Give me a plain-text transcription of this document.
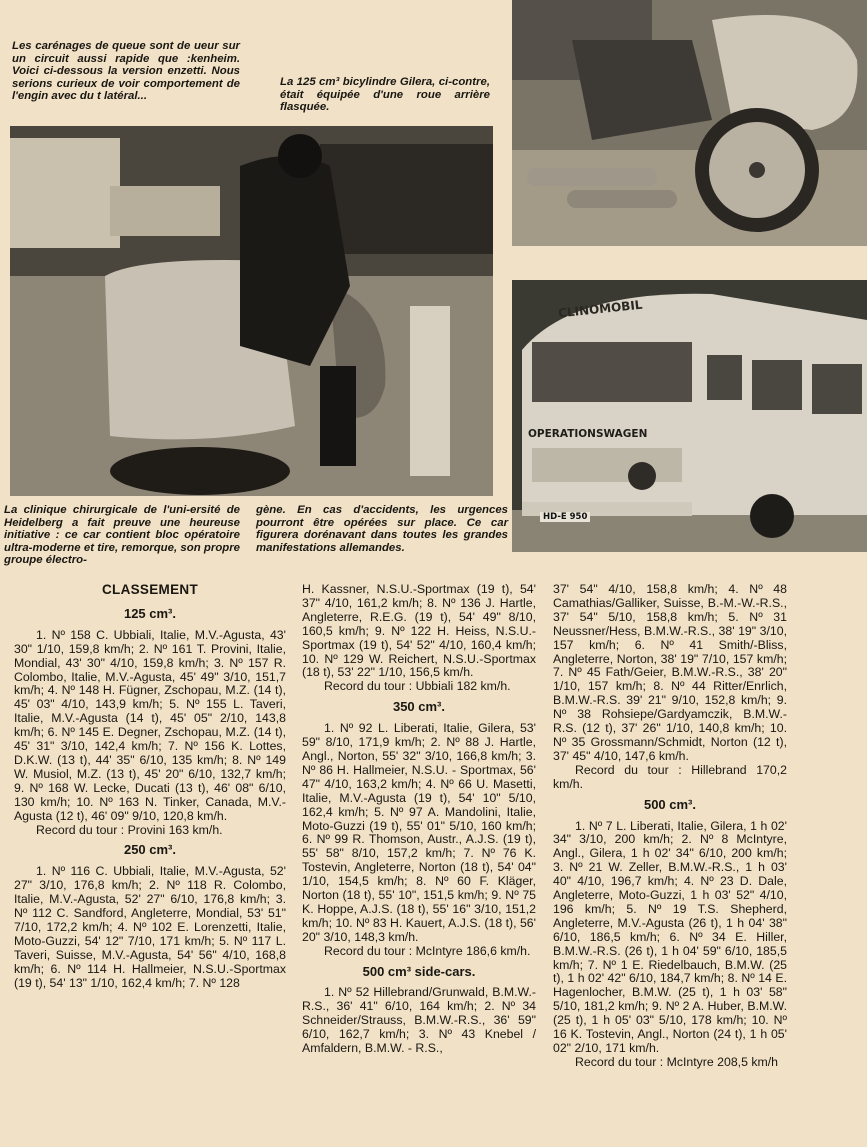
Les carénages de queue sont de ueur sur un circuit aussi rapide que :kenheim. Voici ci-dessous la version enzetti. Nous serions curieux de voir comportement de l'engin avec du t latéral...
La 125 cm³ bicylindre Gilera, ci-contre, était équipée d'une roue arrière flasquée.
CLINOMOBIL
OPERATIONSWAGEN
HD-E 950
La clinique chirurgicale de l'uni-ersité de Heidelberg a fait preuve une heureuse initiative : ce car contient bloc opératoire ultra-moderne et tire, remorque, son propre groupe électro-
gène. En cas d'accidents, les urgences pourront être opérées sur place. Ce car figurera dorénavant dans toutes les grandes manifestations allemandes.
CLASSEMENT
125 cm³.

1. Nº 158 C. Ubbiali, Italie, M.V.-Agusta, 43' 30" 1/10, 159,8 km/h; 2. Nº 161 T. Provini, Italie, Mondial, 43' 30" 4/10, 159,8 km/h; 3. Nº 157 R. Colombo, Italie, M.V.-Agusta, 45' 49" 3/10, 151,7 km/h; 4. Nº 148 H. Fügner, Zschopau, M.Z. (14 t), 45' 03" 4/10, 143,9 km/h; 5. Nº 155 L. Taveri, Italie, M.V.-Agusta (14 t), 45' 05" 2/10, 143,8 km/h; 6. Nº 145 E. Degner, Zschopau, M.Z. (14 t), 45' 31" 3/10, 142,4 km/h; 7. Nº 156 K. Lottes, D.K.W. (13 t), 44' 35" 6/10, 135 km/h; 8. Nº 149 W. Musiol, M.Z. (13 t), 45' 20" 6/10, 132,7 km/h; 9. Nº 168 W. Lecke, Ducati (13 t), 46' 08" 6/10, 130 km/h; 10. Nº 163 N. Tinker, Canada, M.V.-Agusta (12 t), 46' 09" 9/10, 120,8 km/h.

Record du tour : Provini 163 km/h.

250 cm³.

1. Nº 116 C. Ubbiali, Italie, M.V.-Agusta, 52' 27" 3/10, 176,8 km/h; 2. Nº 118 R. Colombo, Italie, M.V.-Agusta, 52' 27" 6/10, 176,8 km/h; 3. Nº 112 C. Sandford, Angleterre, Mondial, 53' 51" 7/10, 172,2 km/h; 4. Nº 102 E. Lorenzetti, Italie, Moto-Guzzi, 54' 12" 7/10, 171 km/h; 5. Nº 117 L. Taveri, Suisse, M.V.-Agusta, 54' 56" 4/10, 168,8 km/h; 6. Nº 114 H. Hallmeier, N.S.U.-Sportmax (19 t), 54' 13" 1/10, 162,4 km/h; 7. Nº 128

H. Kassner, N.S.U.-Sportmax (19 t), 54' 37" 4/10, 161,2 km/h; 8. Nº 136 J. Hartle, Angleterre, R.E.G. (19 t), 54' 49" 8/10, 160,5 km/h; 9. Nº 122 H. Heiss, N.S.U.-Sportmax (19 t), 54' 52" 4/10, 160,4 km/h; 10. Nº 129 W. Reichert, N.S.U.-Sportmax (18 t), 53' 22" 1/10, 156,5 km/h.

Record du tour : Ubbiali 182 km/h.

350 cm³.

1. Nº 92 L. Liberati, Italie, Gilera, 53' 59" 8/10, 171,9 km/h; 2. Nº 88 J. Hartle, Angl., Norton, 55' 32" 3/10, 166,8 km/h; 3. Nº 86 H. Hallmeier, N.S.U. - Sportmax, 56' 47" 4/10, 163,2 km/h; 4. Nº 66 U. Masetti, Italie, M.V.-Agusta (19 t), 54' 10" 5/10, 162,4 km/h; 5. Nº 97 A. Mandolini, Italie, Moto-Guzzi (19 t), 55' 01" 5/10, 160 km/h; 6. Nº 99 R. Thomson, Austr., A.J.S. (19 t), 55' 58" 8/10, 157,2 km/h; 7. Nº 76 K. Tostevin, Angleterre, Norton (18 t), 54' 04" 1/10, 154,5 km/h; 8. Nº 60 F. Kläger, Norton (18 t), 55' 10", 151,5 km/h; 9. Nº 75 K. Hoppe, A.J.S. (18 t), 55' 16" 3/10, 151,2 km/h; 10. Nº 83 H. Kauert, A.J.S. (18 t), 56' 20" 3/10, 148,3 km/h.

Record du tour : McIntyre 186,6 km/h.

500 cm³ side-cars.

1. Nº 52 Hillebrand/Grunwald, B.M.W.-R.S., 36' 41" 6/10, 164 km/h; 2. Nº 34 Schneider/Strauss, B.M.W.-R.S., 36' 59" 6/10, 162,7 km/h; 3. Nº 43 Knebel / Amfaldern, B.M.W. - R.S.,

37' 54" 4/10, 158,8 km/h; 4. Nº 48 Camathias/Galliker, Suisse, B.-M.-W.-R.S., 37' 54" 5/10, 158,8 km/h; 5. Nº 31 Neussner/Hess, B.M.W.-R.S., 38' 19" 3/10, 157 km/h; 6. Nº 41 Smith/-Bliss, Angleterre, Norton, 38' 19" 7/10, 157 km/h; 7. Nº 45 Fath/Geier, B.M.W.-R.S., 38' 20" 1/10, 157 km/h; 8. Nº 44 Ritter/Enrlich, B.M.W.-R.S. 39' 21" 9/10, 152,8 km/h; 9. Nº 38 Rohsiepe/Gardyamczik, B.M.W.-R.S. (12 t), 37' 26" 1/10, 140,8 km/h; 10. Nº 35 Grossmann/Schmidt, Norton (12 t), 37' 45" 4/10, 147,6 km/h.

Record du tour : Hillebrand 170,2 km/h.

500 cm³.

1. Nº 7 L. Liberati, Italie, Gilera, 1 h 02' 34" 3/10, 200 km/h; 2. Nº 8 McIntyre, Angl., Gilera, 1 h 02' 34" 6/10, 200 km/h; 3. Nº 21 W. Zeller, B.M.W.-R.S., 1 h 03' 40" 4/10, 196,7 km/h; 4. Nº 23 D. Dale, Angleterre, Moto-Guzzi, 1 h 03' 52" 4/10, 196 km/h; 5. Nº 19 T.S. Shepherd, Angleterre, M.V.-Agusta (26 t), 1 h 04' 38" 6/10, 186,5 km/h; 6. Nº 34 E. Hiller, B.M.W.-R.S. (26 t), 1 h 04' 59" 6/10, 185,5 km/h; 7. Nº 1 E. Riedelbauch, B.M.W. (25 t), 1 h 02' 42" 6/10, 184,7 km/h; 8. Nº 14 E. Hagenlocher, B.M.W. (25 t), 1 h 03' 58" 5/10, 181,2 km/h; 9. Nº 2 A. Huber, B.M.W. (25 t), 1 h 05' 03" 5/10, 178 km/h; 10. Nº 16 K. Tostevin, Angl., Norton (24 t), 1 h 05' 02" 2/10, 171 km/h.

Record du tour : McIntyre 208,5 km/h
